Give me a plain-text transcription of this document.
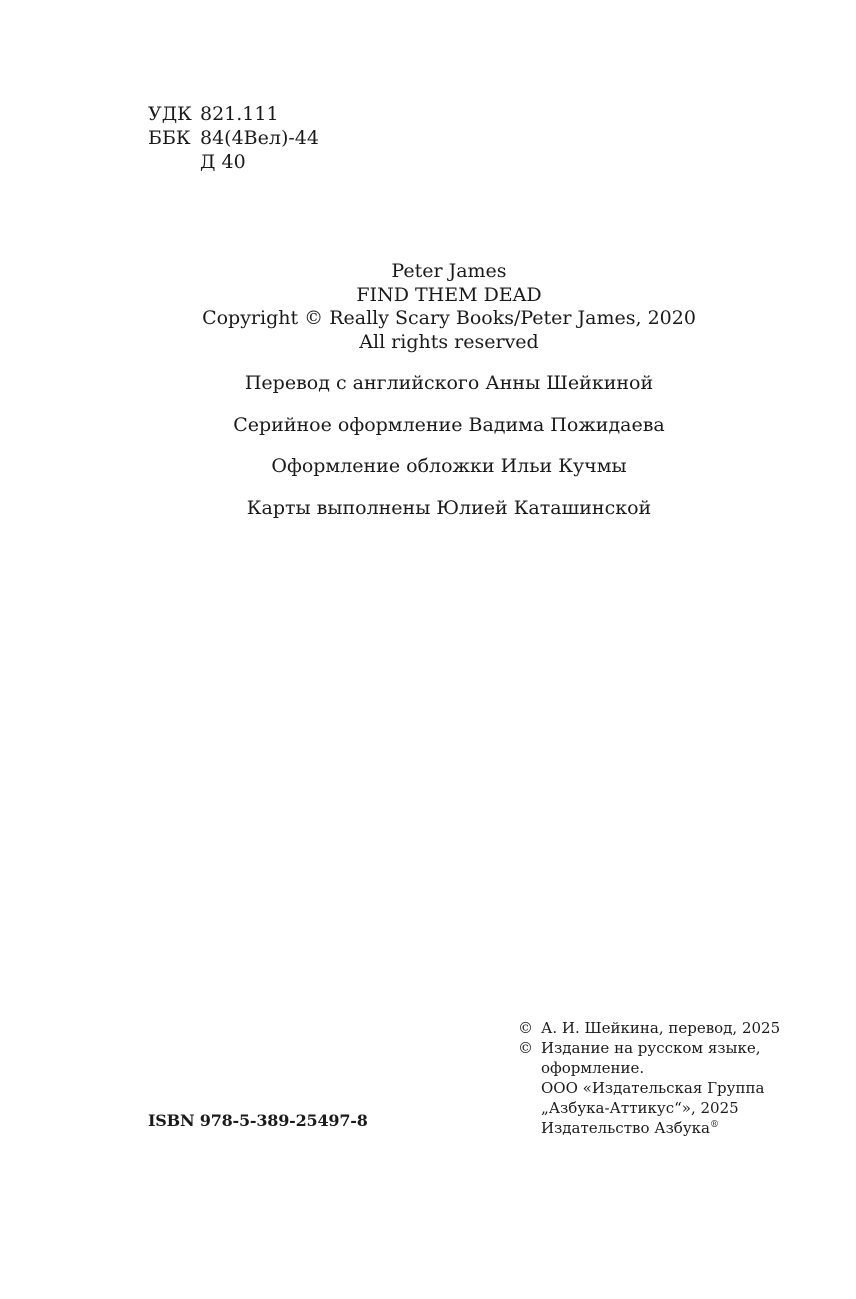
УДК 821.111
ББК 84(4Вел)-44
Д 40
Peter James
FIND THEM DEAD
Copyright © Really Scary Books/Peter James, 2020
All rights reserved
Перевод с английского Анны Шейкиной
Серийное оформление Вадима Пожидаева
Оформление обложки Ильи Кучмы
Карты выполнены Юлией Каташинской
ISBN 978-5-389-25497-8
© А. И. Шейкина, перевод, 2025
© Издание на русском языке,
оформление.
ООО «Издательская Группа
„Азбука-Аттикус“», 2025
Издательство Азбука®
